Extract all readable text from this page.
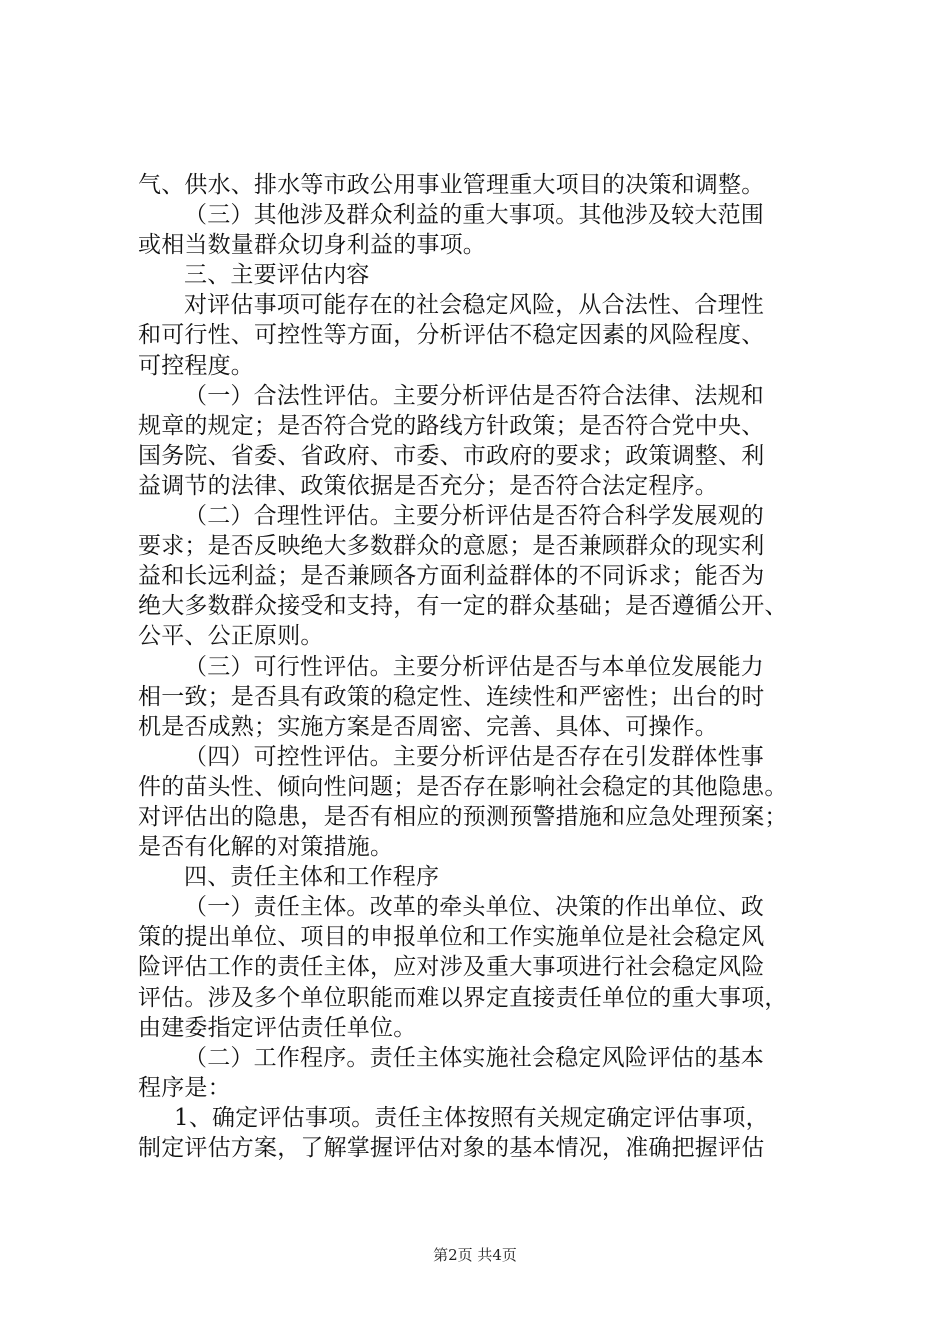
气、供水、排水等市政公用事业管理重大项目的决策和调整。
（三）其他涉及群众利益的重大事项。其他涉及较大范围
或相当数量群众切身利益的事项。
三、主要评估内容
对评估事项可能存在的社会稳定风险，从合法性、合理性
和可行性、可控性等方面，分析评估不稳定因素的风险程度、
可控程度。
（一）合法性评估。主要分析评估是否符合法律、法规和
规章的规定；是否符合党的路线方针政策；是否符合党中央、
国务院、省委、省政府、市委、市政府的要求；政策调整、利
益调节的法律、政策依据是否充分；是否符合法定程序。
（二）合理性评估。主要分析评估是否符合科学发展观的
要求；是否反映绝大多数群众的意愿；是否兼顾群众的现实利
益和长远利益；是否兼顾各方面利益群体的不同诉求；能否为
绝大多数群众接受和支持，有一定的群众基础；是否遵循公开、
公平、公正原则。
（三）可行性评估。主要分析评估是否与本单位发展能力
相一致；是否具有政策的稳定性、连续性和严密性；出台的时
机是否成熟；实施方案是否周密、完善、具体、可操作。
（四）可控性评估。主要分析评估是否存在引发群体性事
件的苗头性、倾向性问题；是否存在影响社会稳定的其他隐患。
对评估出的隐患，是否有相应的预测预警措施和应急处理预案；
是否有化解的对策措施。
四、责任主体和工作程序
（一）责任主体。改革的牵头单位、决策的作出单位、政
策的提出单位、项目的申报单位和工作实施单位是社会稳定风
险评估工作的责任主体，应对涉及重大事项进行社会稳定风险
评估。涉及多个单位职能而难以界定直接责任单位的重大事项，
由建委指定评估责任单位。
（二）工作程序。责任主体实施社会稳定风险评估的基本
程序是：
1、确定评估事项。责任主体按照有关规定确定评估事项，
制定评估方案，了解掌握评估对象的基本情况，准确把握评估
第2页 共4页
